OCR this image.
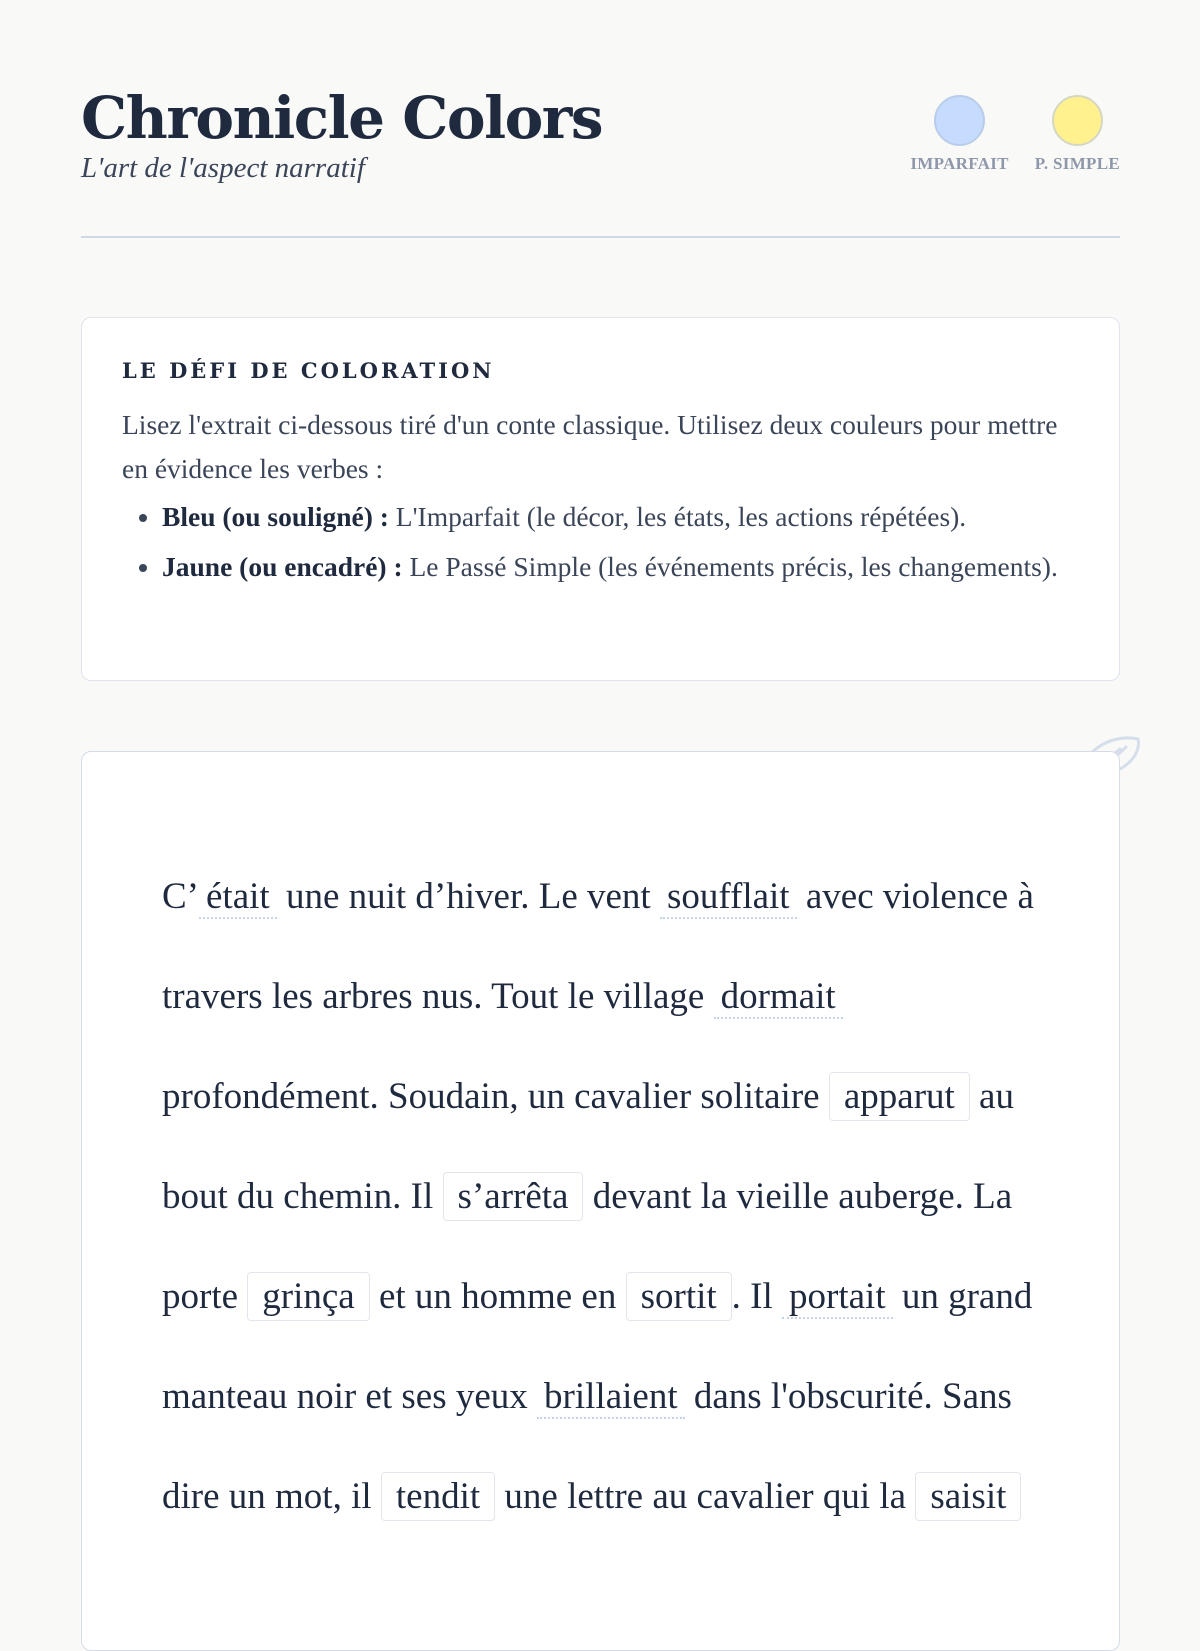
Chronicle Colors
L'art de l'aspect narratif	IMPARFAIT P. SIMPLE
LE DÉFI DE COLORATION

Lisez l'extrait ci-dessous tiré d'un conte classique. Utilisez deux couleurs pour mettre en évidence les verbes :

• Bleu (ou souligné) : L'Imparfait (le décor, les états, les actions répétées).
• Jaune (ou encadré) : Le Passé Simple (les événements précis, les changements).

C’ était une nuit d’hiver. Le vent soufflait avec violence à travers les arbres nus. Tout le village dormait profondément. Soudain, un cavalier solitaire apparut au bout du chemin. Il s’arrêta devant la vieille auberge. La porte grinça et un homme en sortit . Il portait un grand manteau noir et ses yeux brillaient dans l'obscurité. Sans dire un mot, il tendit une lettre au cavalier qui la saisit
